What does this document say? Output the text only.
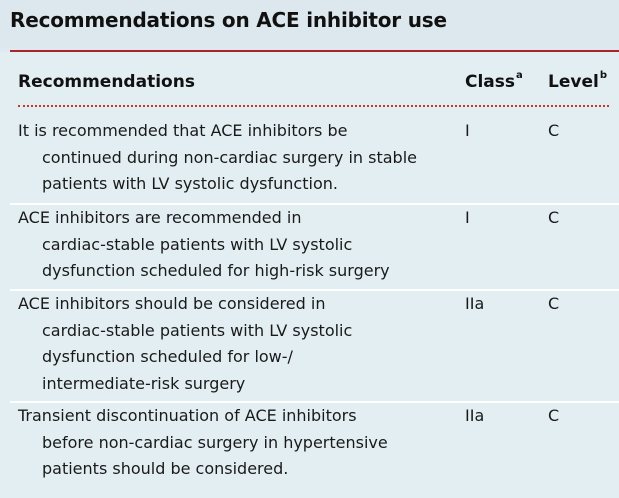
Recommendations on ACE inhibitor use
Recommendations	Class$^a$ Level$^b$
It is recommended that ACE inhibitors be
continued during non-cardiac surgery in stable
patients with LV systolic dysfunction.
I	C
ACE inhibitors are recommended in
cardiac-stable patients with LV systolic
dysfunction scheduled for high-risk surgery
I	C
ACE inhibitors should be considered in
cardiac-stable patients with LV systolic
dysfunction scheduled for low-/
intermediate-risk surgery
IIa	C
Transient discontinuation of ACE inhibitors
before non-cardiac surgery in hypertensive
patients should be considered.
IIa	C
